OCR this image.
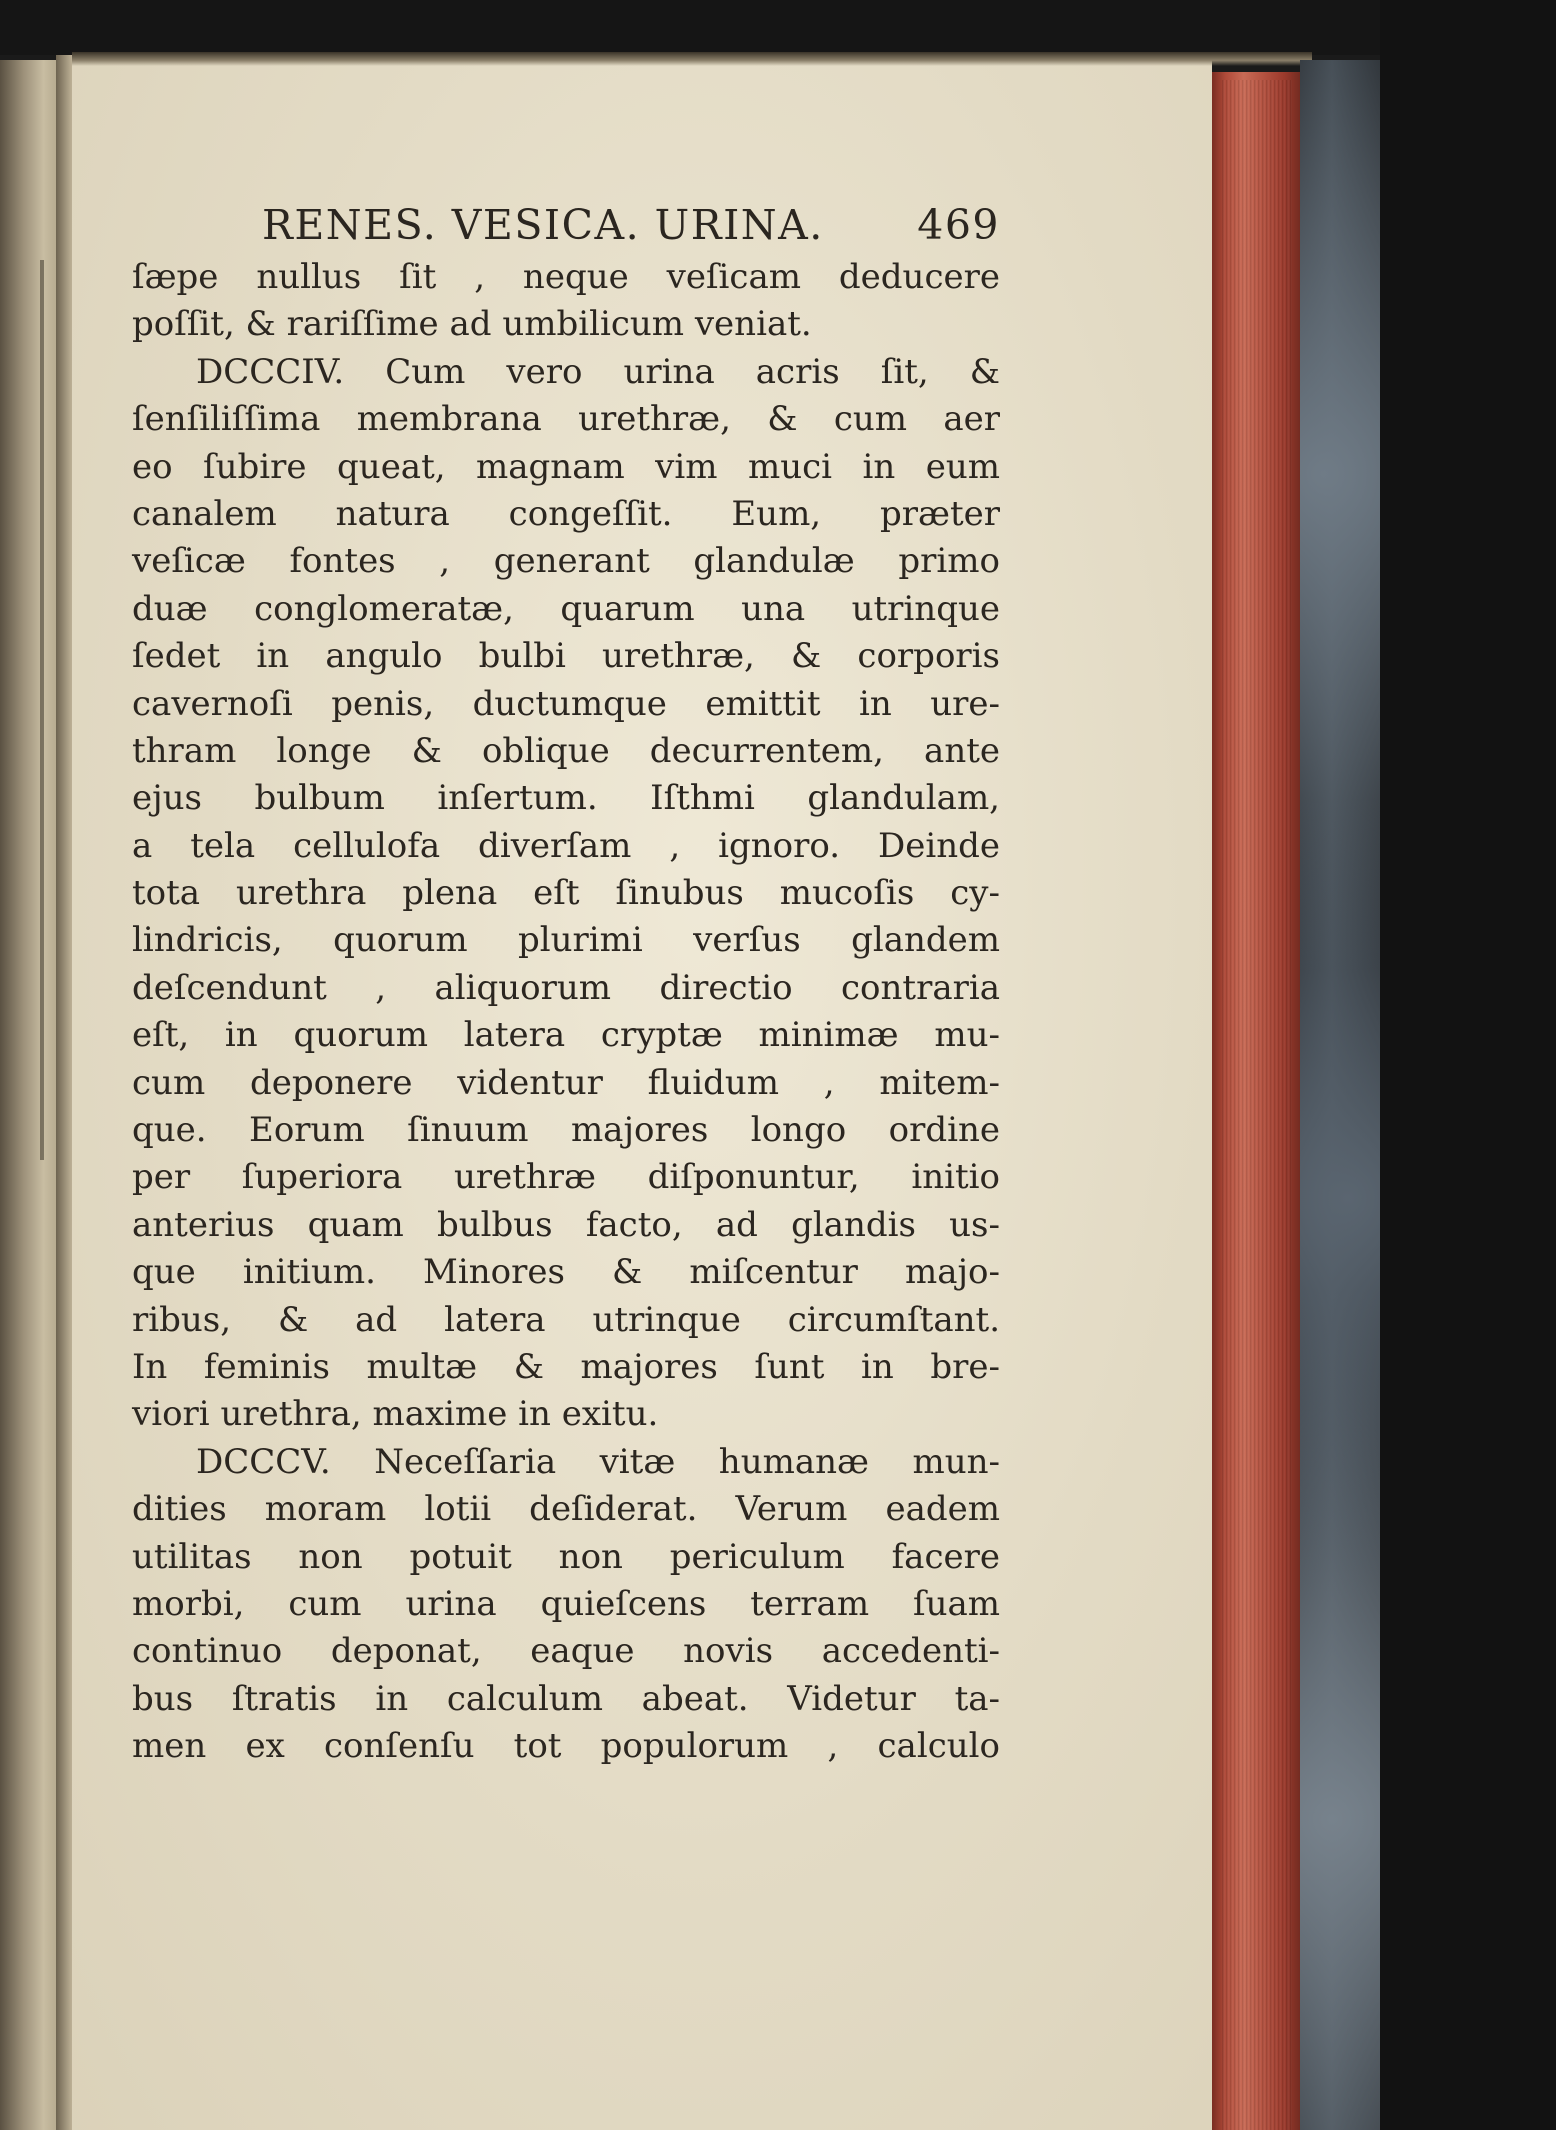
RENES. VESICA. URINA. 469
ſæpe nullus ſit , neque veſicam deducere
poſſit, & rariſſime ad umbilicum veniat.
DCCCIV. Cum vero urina acris ſit, &
ſenſiliſſima membrana urethræ, & cum aer
eo ſubire queat, magnam vim muci in eum
canalem natura congeſſit. Eum, præter
veſicæ fontes , generant glandulæ primo
duæ conglomeratæ, quarum una utrinque
ſedet in angulo bulbi urethræ, & corporis
cavernoſi penis, ductumque emittit in ure-
thram longe & oblique decurrentem, ante
ejus bulbum inſertum. Iſthmi glandulam,
a tela cellulofa diverſam , ignoro. Deinde
tota urethra plena eſt ſinubus mucoſis cy-
lindricis, quorum plurimi verſus glandem
deſcendunt , aliquorum directio contraria
eſt, in quorum latera cryptæ minimæ mu-
cum deponere videntur fluidum , mitem-
que. Eorum ſinuum majores longo ordine
per ſuperiora urethræ diſponuntur, initio
anterius quam bulbus facto, ad glandis us-
que initium. Minores & miſcentur majo-
ribus, & ad latera utrinque circumſtant.
In feminis multæ & majores ſunt in bre-
viori urethra, maxime in exitu.
DCCCV. Neceſſaria vitæ humanæ mun-
dities moram lotii deſiderat. Verum eadem
utilitas non potuit non periculum facere
morbi, cum urina quieſcens terram ſuam
continuo deponat, eaque novis accedenti-
bus ſtratis in calculum abeat. Videtur ta-
men ex conſenſu tot populorum , calculo
